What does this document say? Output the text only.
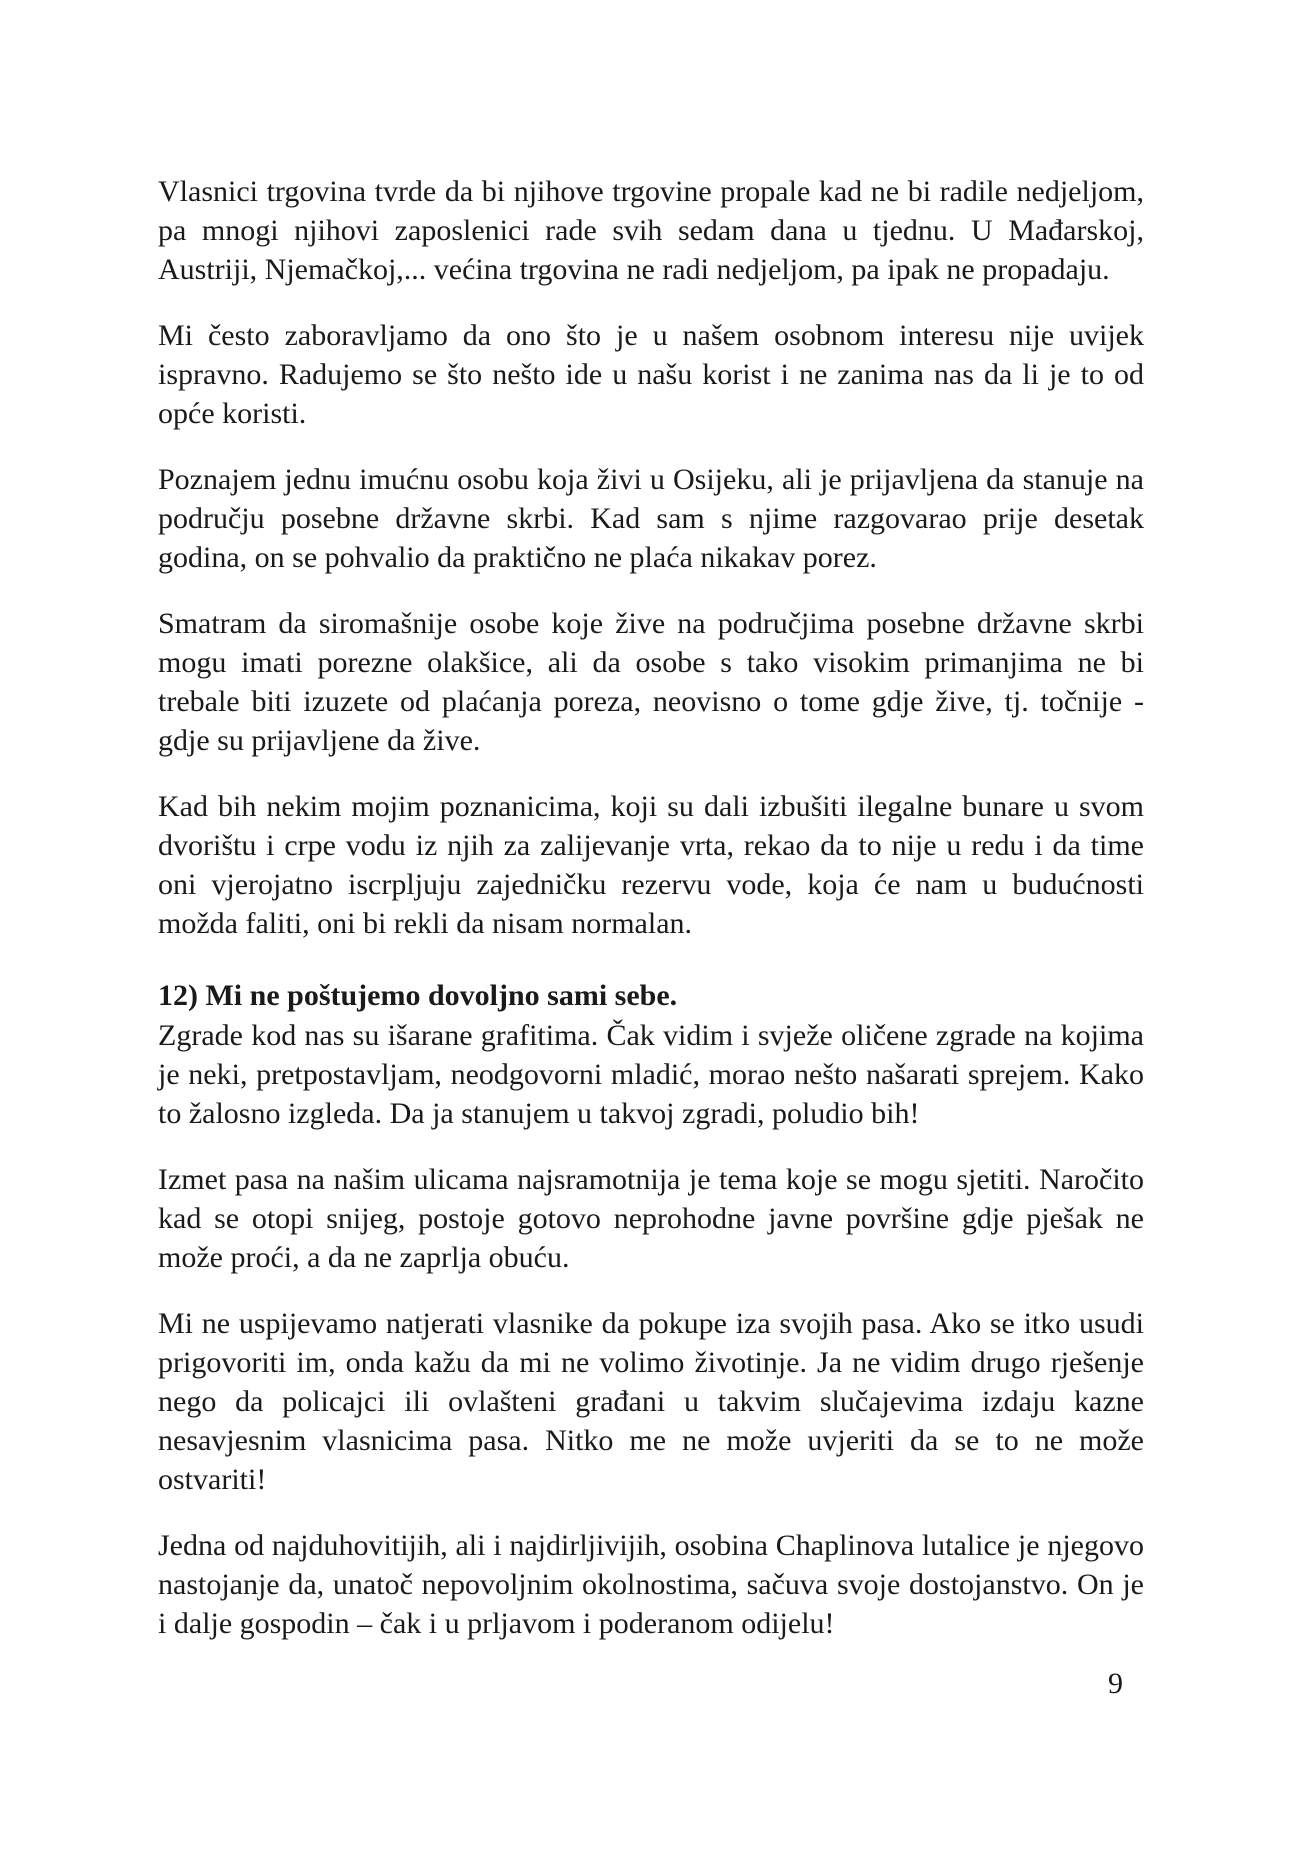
Vlasnici trgovina tvrde da bi njihove trgovine propale kad ne bi radile nedjeljom, pa mnogi njihovi zaposlenici rade svih sedam dana u tjednu. U Mađarskoj, Austriji, Njemačkoj,... većina trgovina ne radi nedjeljom, pa ipak ne propadaju.

Mi često zaboravljamo da ono što je u našem osobnom interesu nije uvijek ispravno. Radujemo se što nešto ide u našu korist i ne zanima nas da li je to od opće koristi.

Poznajem jednu imućnu osobu koja živi u Osijeku, ali je prijavljena da stanuje na području posebne državne skrbi. Kad sam s njime razgovarao prije desetak godina, on se pohvalio da praktično ne plaća nikakav porez.

Smatram da siromašnije osobe koje žive na područjima posebne državne skrbi mogu imati porezne olakšice, ali da osobe s tako visokim primanjima ne bi trebale biti izuzete od plaćanja poreza, neovisno o tome gdje žive, tj. točnije - gdje su prijavljene da žive.

Kad bih nekim mojim poznanicima, koji su dali izbušiti ilegalne bunare u svom dvorištu i crpe vodu iz njih za zalijevanje vrta, rekao da to nije u redu i da time oni vjerojatno iscrpljuju zajedničku rezervu vode, koja će nam u budućnosti možda faliti, oni bi rekli da nisam normalan.

12) Mi ne poštujemo dovoljno sami sebe.

Zgrade kod nas su išarane grafitima. Čak vidim i svježe oličene zgrade na kojima je neki, pretpostavljam, neodgovorni mladić, morao nešto našarati sprejem. Kako to žalosno izgleda. Da ja stanujem u takvoj zgradi, poludio bih!

Izmet pasa na našim ulicama najsramotnija je tema koje se mogu sjetiti. Naročito kad se otopi snijeg, postoje gotovo neprohodne javne površine gdje pješak ne može proći, a da ne zaprlja obuću.

Mi ne uspijevamo natjerati vlasnike da pokupe iza svojih pasa. Ako se itko usudi prigovoriti im, onda kažu da mi ne volimo životinje. Ja ne vidim drugo rješenje nego da policajci ili ovlašteni građani u takvim slučajevima izdaju kazne nesavjesnim vlasnicima pasa. Nitko me ne može uvjeriti da se to ne može ostvariti!

Jedna od najduhovitijih, ali i najdirljivijih, osobina Chaplinova lutalice je njegovo nastojanje da, unatoč nepovoljnim okolnostima, sačuva svoje dostojanstvo. On je i dalje gospodin – čak i u prljavom i poderanom odijelu!

9
